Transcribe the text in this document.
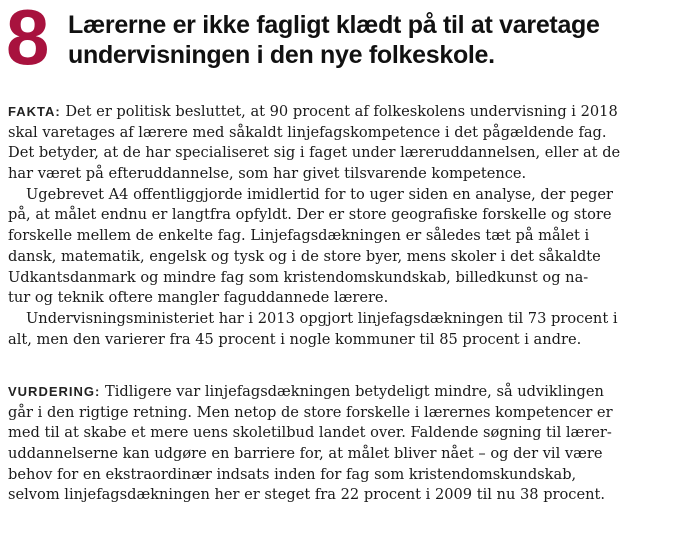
8 Lærerne er ikke fagligt klædt på til at varetage
undervisningen i den nye folkeskole.
FAKTA: Det er politisk besluttet, at 90 procent af folkeskolens undervisning i 2018
skal varetages af lærere med såkaldt linjefagskompetence i det pågældende fag.
Det betyder, at de har specialiseret sig i faget under læreruddannelsen, eller at de
har været på efteruddannelse, som har givet tilsvarende kompetence.
Ugebrevet A4 offentliggjorde imidlertid for to uger siden en analyse, der peger
på, at målet endnu er langtfra opfyldt. Der er store geografiske forskelle og store
forskelle mellem de enkelte fag. Linjefagsdækningen er således tæt på målet i
dansk, matematik, engelsk og tysk og i de store byer, mens skoler i det såkaldte
Udkantsdanmark og mindre fag som kristendomskundskab, billedkunst og na-
tur og teknik oftere mangler faguddannede lærere.
Undervisningsministeriet har i 2013 opgjort linjefagsdækningen til 73 procent i
alt, men den varierer fra 45 procent i nogle kommuner til 85 procent i andre.
VURDERING: Tidligere var linjefagsdækningen betydeligt mindre, så udviklingen
går i den rigtige retning. Men netop de store forskelle i lærernes kompetencer er
med til at skabe et mere uens skoletilbud landet over. Faldende søgning til lærer-
uddannelserne kan udgøre en barriere for, at målet bliver nået – og der vil være
behov for en ekstraordinær indsats inden for fag som kristendomskundskab,
selvom linjefagsdækningen her er steget fra 22 procent i 2009 til nu 38 procent.
